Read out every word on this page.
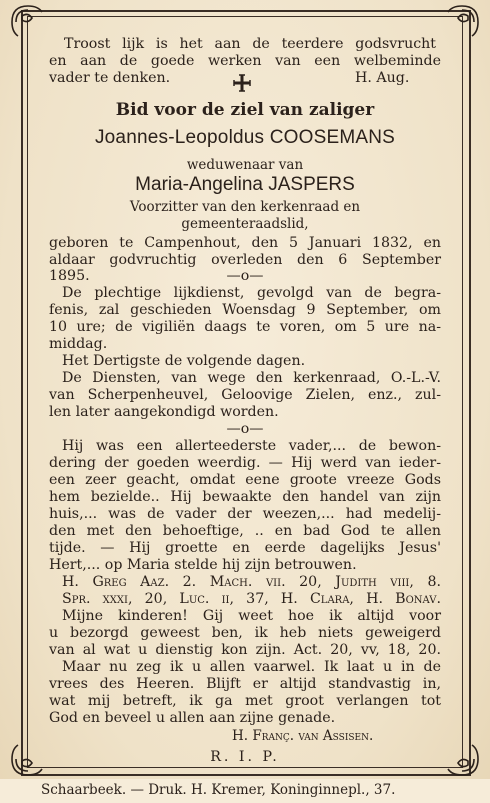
Troost lijk is het aan de teerdere godsvrucht
en aan de goede werken van een welbeminde
vader te denken.	H. Aug.
Bid voor de ziel van zaliger
Joannes-Leopoldus COOSEMANS
weduwenaar van
Maria-Angelina JASPERS
Voorzitter van den kerkenraad en
gemeenteraadslid,
geboren te Campenhout, den 5 Januari 1832, en
aldaar godvruchtig overleden den 6 September
1895.	—o—
De plechtige lijkdienst, gevolgd van de begra-
fenis, zal geschieden Woensdag 9 September, om
10 ure; de vigiliën daags te voren, om 5 ure na-
middag.
Het Dertigste de volgende dagen.
De Diensten, van wege den kerkenraad, O.-L.-V.
van Scherpenheuvel, Geloovige Zielen, enz., zul-
len later aangekondigd worden.
—o—
Hij was een allerteederste vader,... de bewon-
dering der goeden weerdig. — Hij werd van ieder-
een zeer geacht, omdat eene groote vreeze Gods
hem bezielde.. Hij bewaakte den handel van zijn
huis,... was de vader der weezen,... had medelij-
den met den behoeftige, .. en bad God te allen
tijde. — Hij groette en eerde dagelijks Jesus'
Hert,... op Maria stelde hij zijn betrouwen.
H. Greg Aaz. 2. Mach. vii. 20, Judith viii, 8.
Spr. xxxi, 20, Luc. ii, 37, H. Clara, H. Bonav.
Mijne kinderen! Gij weet hoe ik altijd voor
u bezorgd geweest ben, ik heb niets geweigerd
van al wat u dienstig kon zijn. Act. 20, vv, 18, 20.
Maar nu zeg ik u allen vaarwel. Ik laat u in de
vrees des Heeren. Blijft er altijd standvastig in,
wat mij betreft, ik ga met groot verlangen tot
God en beveel u allen aan zijne genade.
H. Franç. van Assisen.
R. I. P.
Schaarbeek. — Druk. H. Kremer, Koninginnepl., 37.
